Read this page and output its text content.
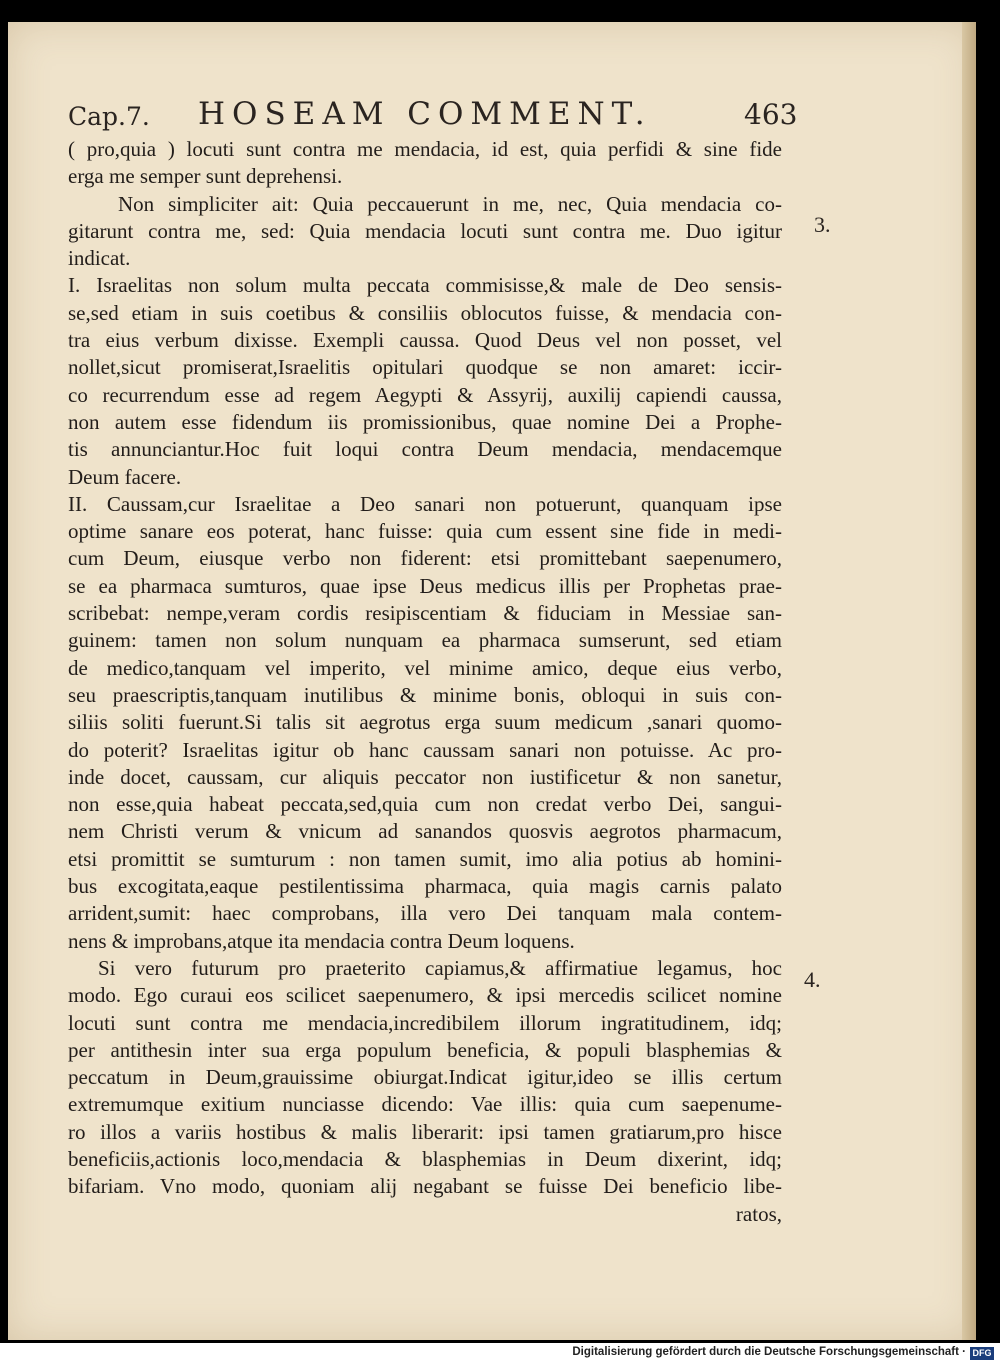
Cap.7. HOSEAM COMMENT.	463
( pro,quia ) locuti sunt contra me mendacia, id est, quia perfidi & sine fide
erga me semper sunt deprehensi.
Non simpliciter ait: Quia peccauerunt in me, nec, Quia mendacia co-
gitarunt contra me, sed: Quia mendacia locuti sunt contra me. Duo igitur
indicat.
I. Israelitas non solum multa peccata commisisse,& male de Deo sensis-
se,sed etiam in suis coetibus & consiliis oblocutos fuisse, & mendacia con-
tra eius verbum dixisse. Exempli caussa. Quod Deus vel non posset, vel
nollet,sicut promiserat,Israelitis opitulari quodque se non amaret: iccir-
co recurrendum esse ad regem Aegypti & Assyrij, auxilij capiendi caussa,
non autem esse fidendum iis promissionibus, quae nomine Dei a Prophe-
tis annunciantur.Hoc fuit loqui contra Deum mendacia, mendacemque
Deum facere.
II. Caussam,cur Israelitae a Deo sanari non potuerunt, quanquam ipse
optime sanare eos poterat, hanc fuisse: quia cum essent sine fide in medi-
cum Deum, eiusque verbo non fiderent: etsi promittebant saepenumero,
se ea pharmaca sumturos, quae ipse Deus medicus illis per Prophetas prae-
scribebat: nempe,veram cordis resipiscentiam & fiduciam in Messiae san-
guinem: tamen non solum nunquam ea pharmaca sumserunt, sed etiam
de medico,tanquam vel imperito, vel minime amico, deque eius verbo,
seu praescriptis,tanquam inutilibus & minime bonis, obloqui in suis con-
siliis soliti fuerunt.Si talis sit aegrotus erga suum medicum ,sanari quomo-
do poterit? Israelitas igitur ob hanc caussam sanari non potuisse. Ac pro-
inde docet, caussam, cur aliquis peccator non iustificetur & non sanetur,
non esse,quia habeat peccata,sed,quia cum non credat verbo Dei, sangui-
nem Christi verum & vnicum ad sanandos quosvis aegrotos pharmacum,
etsi promittit se sumturum : non tamen sumit, imo alia potius ab homini-
bus excogitata,eaque pestilentissima pharmaca, quia magis carnis palato
arrident,sumit: haec comprobans, illa vero Dei tanquam mala contem-
nens & improbans,atque ita mendacia contra Deum loquens.
Si vero futurum pro praeterito capiamus,& affirmatiue legamus, hoc
modo. Ego curaui eos scilicet saepenumero, & ipsi mercedis scilicet nomine
locuti sunt contra me mendacia,incredibilem illorum ingratitudinem, idq;
per antithesin inter sua erga populum beneficia, & populi blasphemias &
peccatum in Deum,grauissime obiurgat.Indicat igitur,ideo se illis certum
extremumque exitium nunciasse dicendo: Vae illis: quia cum saepenume-
ro illos a variis hostibus & malis liberarit: ipsi tamen gratiarum,pro hisce
beneficiis,actionis loco,mendacia & blasphemias in Deum dixerint, idq;
bifariam. Vno modo, quoniam alij negabant se fuisse Dei beneficio libe-
ratos,
3.
4.
Digitalisierung gefördert durch die Deutsche Forschungsgemeinschaft · DFG
